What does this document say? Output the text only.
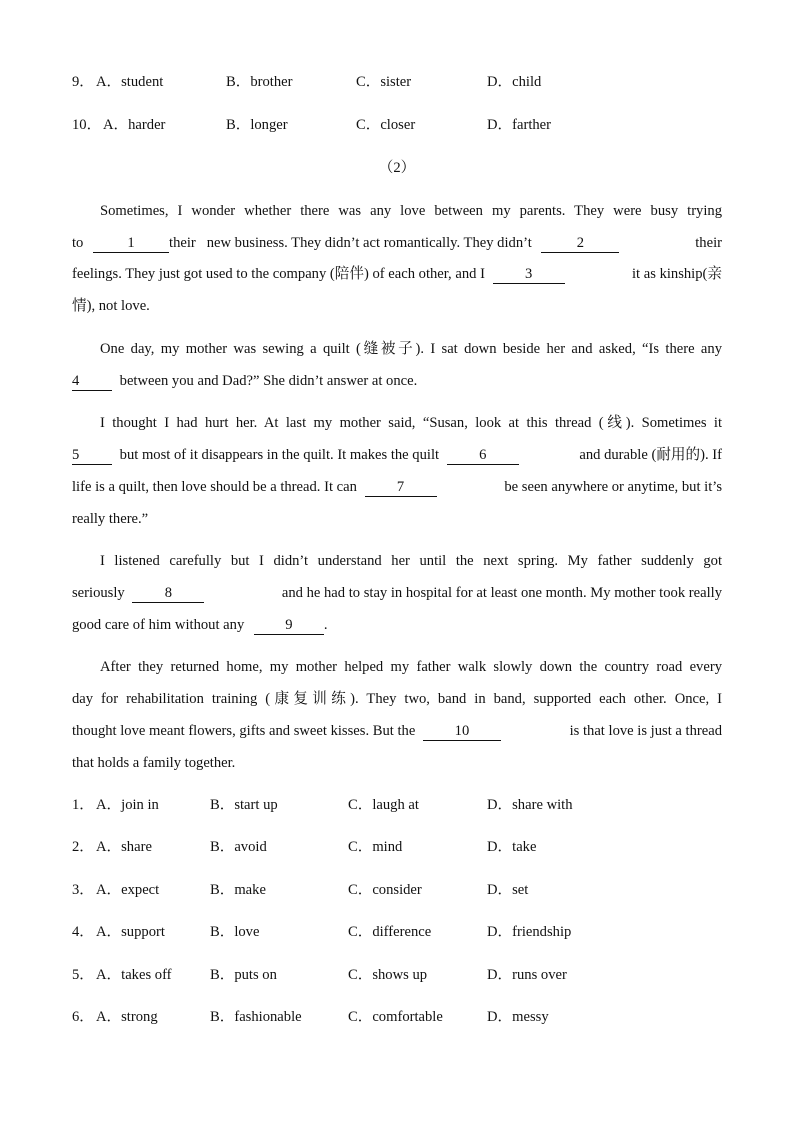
9． A．student	B．brother	C．sister	D．child
10． A．harder	B．longer	C．closer	D．farther
（2）
Sometimes, I wonder whether there was any love between my parents. They were busy trying
to	1 their   new business. They didn’t act romantically. They didn’t	2	their
feelings. They just got used to the company (陪伴) of each other, and I	3	it as kinship(亲
情), not love.
One day, my mother was sewing a quilt (缝被子). I sat down beside her and asked, “Is there any
4	between you and Dad?” She didn’t answer at once.
I thought I had hurt her. At last my mother said, “Susan, look at this thread (线). Sometimes it
5	but most of it disappears in the quilt. It makes the quilt	6	and durable (耐用的). If
life is a quilt, then love should be a thread. It can	7	be seen anywhere or anytime, but it’s
really there.”
I listened carefully but I didn’t understand her until the next spring. My father suddenly got
seriously	8	and he had to stay in hospital for at least one month. My mother took really
good care of him without any	9 .
After they returned home, my mother helped my father walk slowly down the country road every
day for rehabilitation training (康复训练). They two, band in band, supported each other. Once, I
thought love meant flowers, gifts and sweet kisses. But the	10	is that love is just a thread
that holds a family together.
1． A．join in	B．start up	C．laugh at	D．share with
2． A．share	B．avoid	C．mind	D．take
3． A．expect	B．make	C．consider	D．set
4． A．support	B．love	C．difference	D．friendship
5． A．takes off	B．puts on	C．shows up	D．runs over
6． A．strong	B．fashionable	C．comfortable	D．messy
